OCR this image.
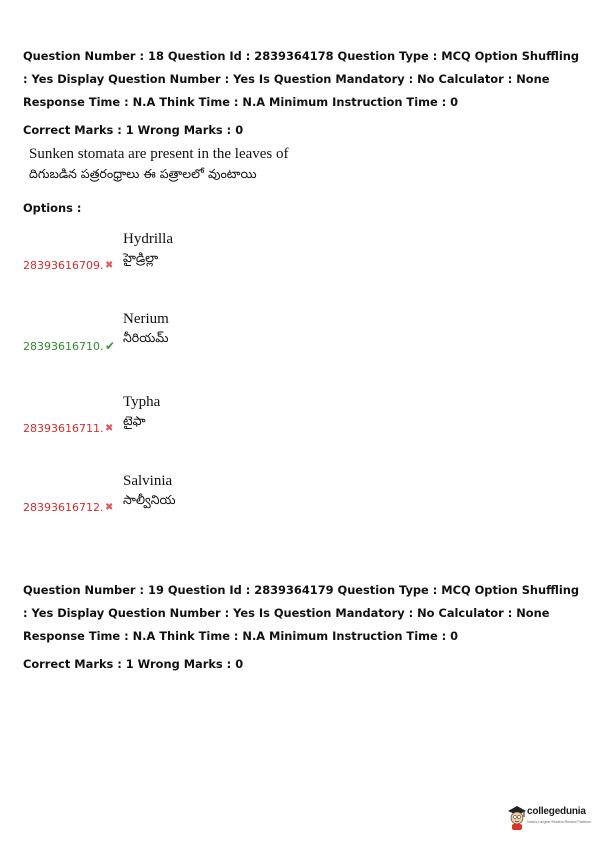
Question Number : 18 Question Id : 2839364178 Question Type : MCQ Option Shuffling : Yes Display Question Number : Yes Is Question Mandatory : No Calculator : None Response Time : N.A Think Time : N.A Minimum Instruction Time : 0
Correct Marks : 1 Wrong Marks : 0
Sunken stomata are present in the leaves of
దిగుబడిన పత్రరంధ్రాలు ఈ పత్రాలలో వుంటాయి
Options :
Hydrilla
హైడ్రిల్లా
28393616709. ✖
Nerium
నీరియమ్
28393616710. ✔
Typha
టైఫా
28393616711. ✖
Salvinia
సాల్వీనియ
28393616712. ✖
Question Number : 19 Question Id : 2839364179 Question Type : MCQ Option Shuffling : Yes Display Question Number : Yes Is Question Mandatory : No Calculator : None Response Time : N.A Think Time : N.A Minimum Instruction Time : 0
Correct Marks : 1 Wrong Marks : 0
collegedunia
India's Largest Student Review Platform
